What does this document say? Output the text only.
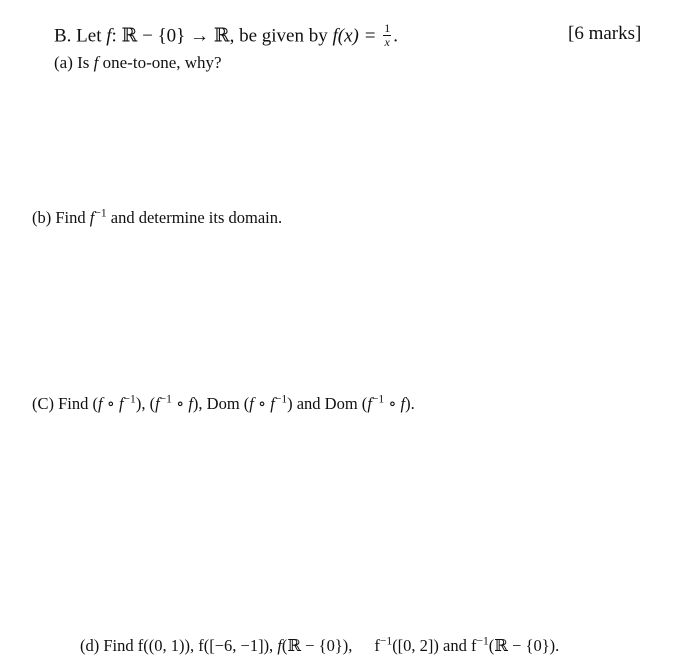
B. Let f: ℝ − {0} → ℝ, be given by $f(x) = \frac{1}{x}$ .	[6 marks]
(a) Is f one-to-one, why?
(b) Find $f^{-1}$ and determine its domain.
(C) Find (f ∘ $f^{-1}$), ($f^{-1}$ ∘ f), Dom (f ∘ $f^{-1}$) and Dom ($f^{-1}$ ∘ f).
(d) Find f((0, 1)), f([−6, −1]), f(ℝ − {0}), $f^{-1}([0$, 2]) and $f^{-1}(ℝ - \{0\})$.
